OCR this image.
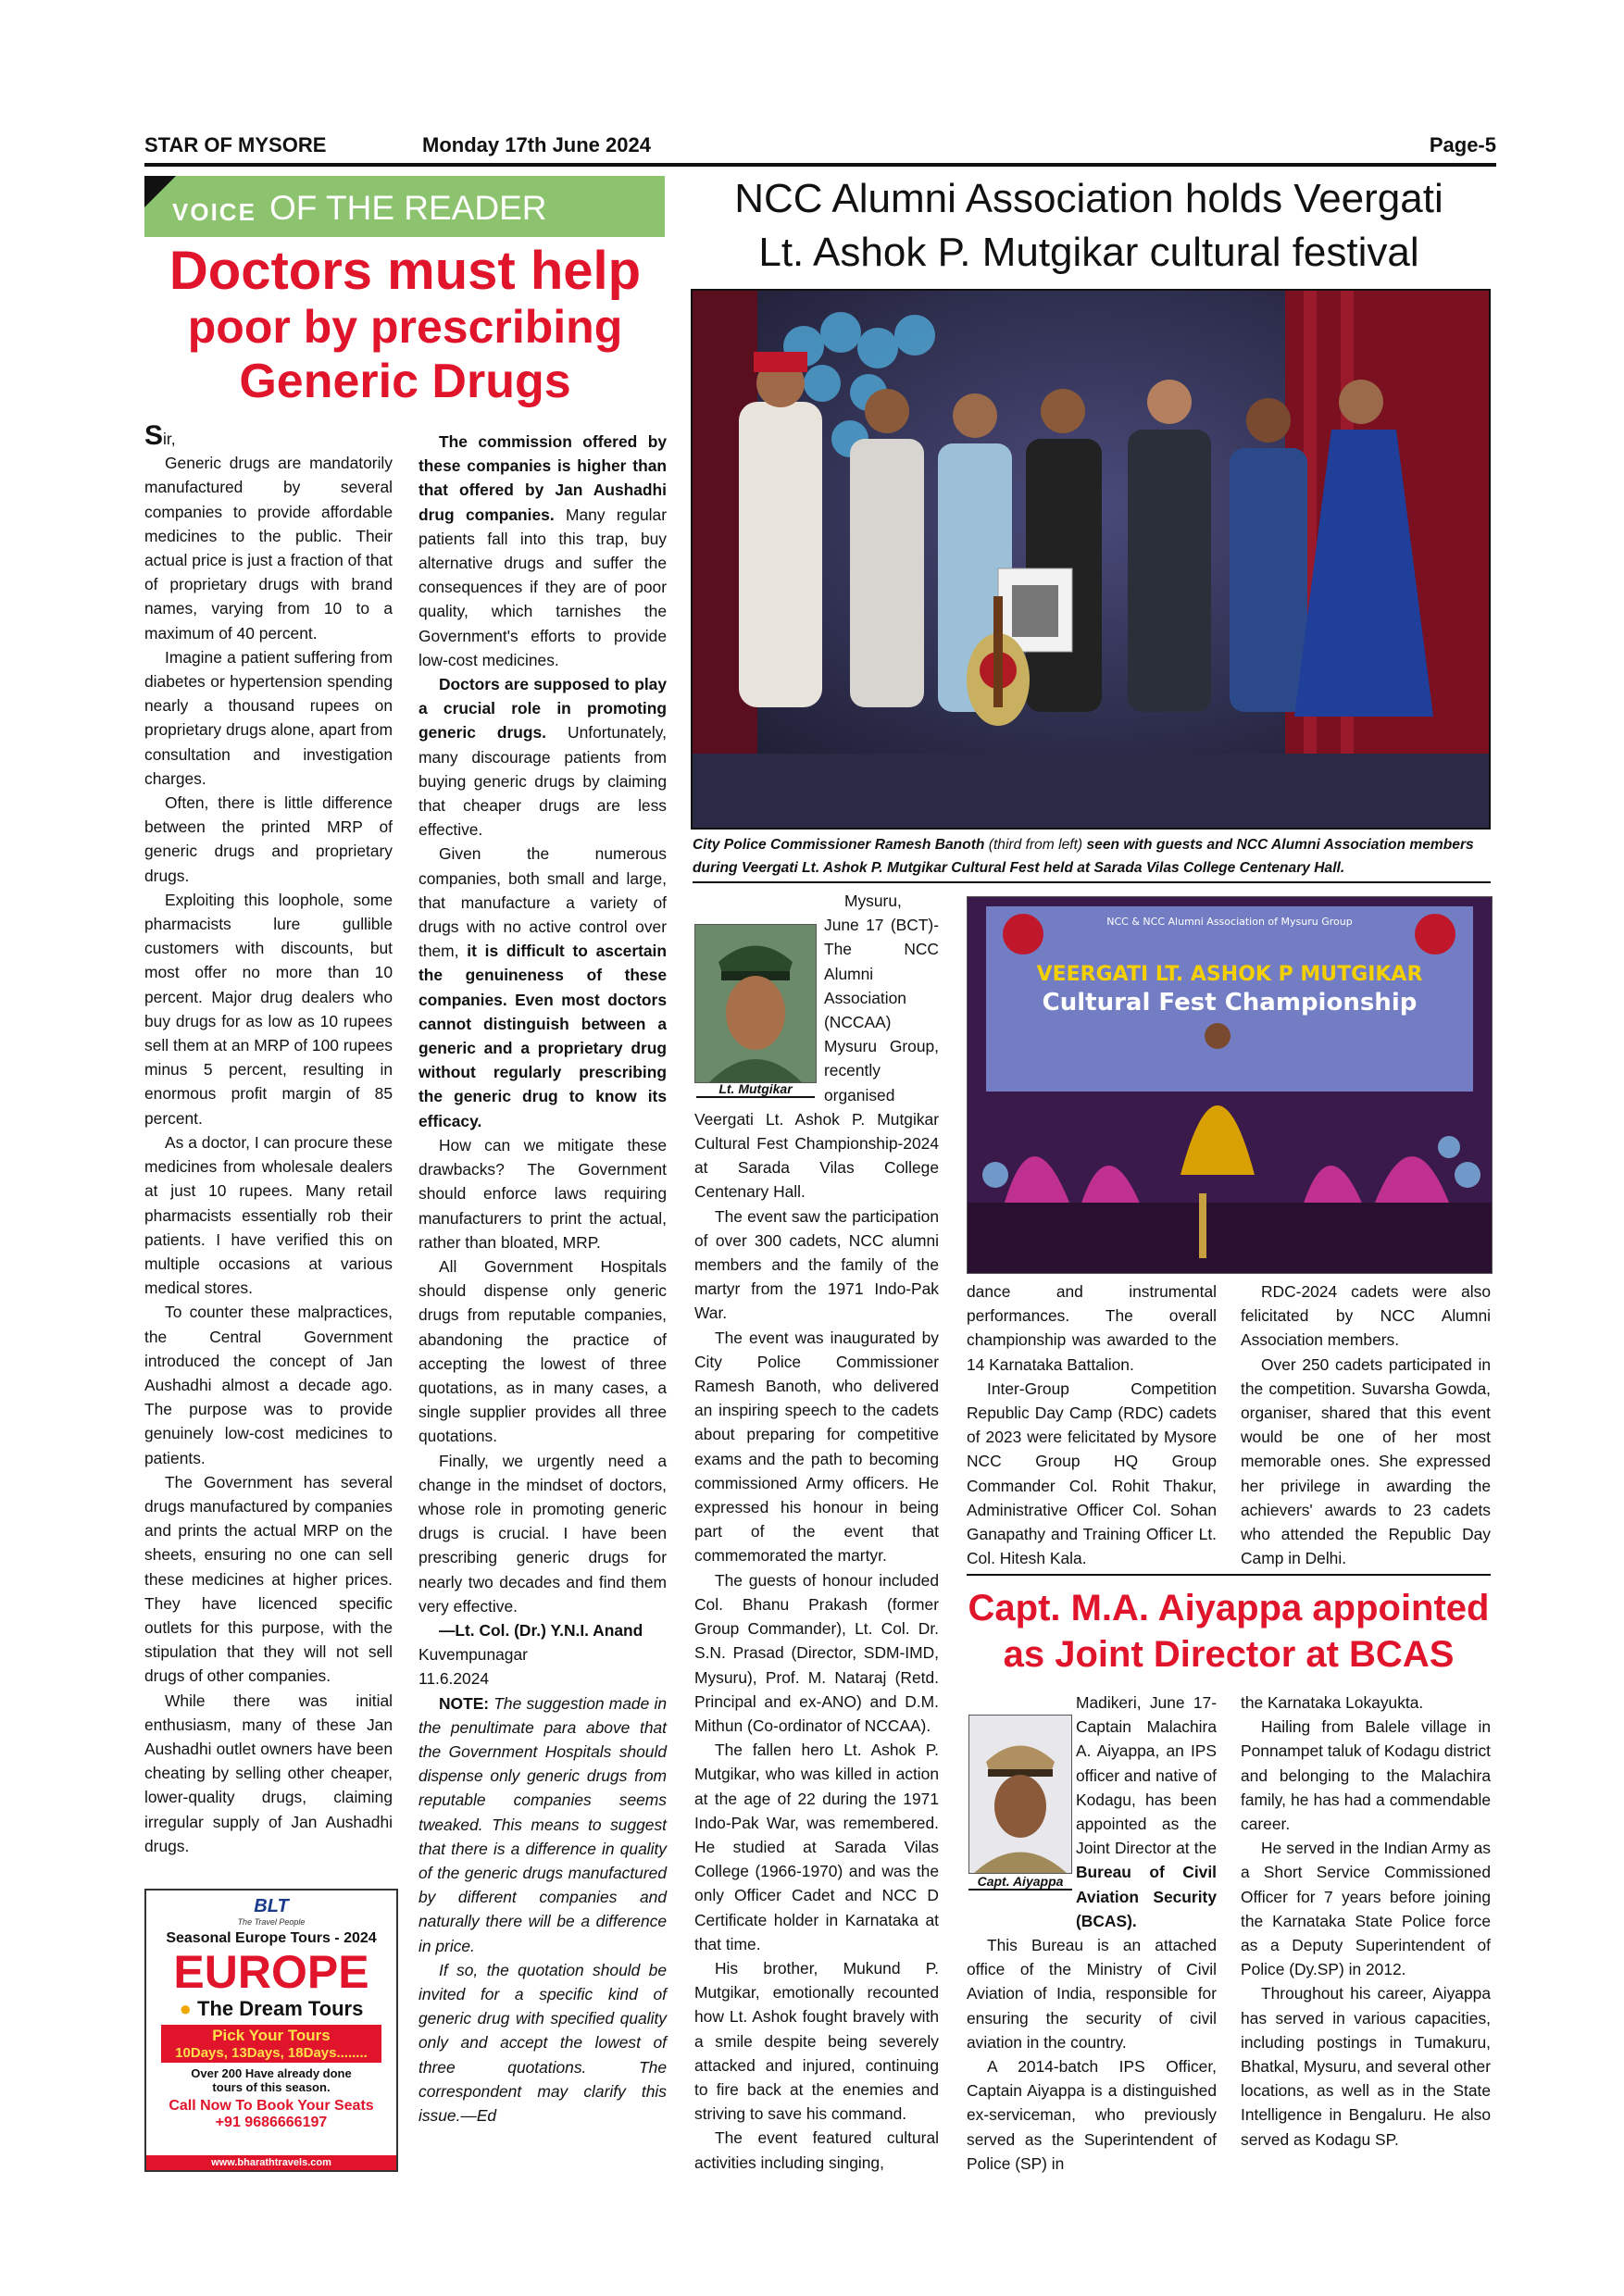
STAR OF MYSORE	Monday 17th June 2024	Page-5
VOICE OF THE READER
Doctors must help
poor by prescribing
Generic Drugs

Sir,

Generic drugs are mandatorily manufactured by several companies to provide affordable medicines to the public. Their actual price is just a fraction of that of proprietary drugs with brand names, varying from 10 to a maximum of 40 percent.

Imagine a patient suffering from diabetes or hypertension spending nearly a thousand rupees on proprietary drugs alone, apart from consultation and investigation charges.

Often, there is little difference between the printed MRP of generic drugs and proprietary drugs.

Exploiting this loophole, some pharmacists lure gullible customers with discounts, but most offer no more than 10 percent. Major drug dealers who buy drugs for as low as 10 rupees sell them at an MRP of 100 rupees minus 5 percent, resulting in enormous profit margin of 85 percent.

As a doctor, I can procure these medicines from wholesale dealers at just 10 rupees. Many retail pharmacists essentially rob their patients. I have verified this on multiple occasions at various medical stores.

To counter these malpractices, the Central Government introduced the concept of Jan Aushadhi almost a decade ago. The purpose was to provide genuinely low-cost medicines to patients.

The Government has several drugs manufactured by companies and prints the actual MRP on the sheets, ensuring no one can sell these medicines at higher prices. They have licenced specific outlets for this purpose, with the stipulation that they will not sell drugs of other companies.

While there was initial enthusiasm, many of these Jan Aushadhi outlet owners have been cheating by selling other cheaper, lower-quality drugs, claiming irregular supply of Jan Aushadhi drugs.

The commission offered by these companies is higher than that offered by Jan Aushadhi drug companies. Many regular patients fall into this trap, buy alternative drugs and suffer the consequences if they are of poor quality, which tarnishes the Government's efforts to provide low-cost medicines.

Doctors are supposed to play a crucial role in promoting generic drugs. Unfortunately, many discourage patients from buying generic drugs by claiming that cheaper drugs are less effective.

Given the numerous companies, both small and large, that manufacture a variety of drugs with no active control over them, it is difficult to ascertain the genuineness of these companies. Even most doctors cannot distinguish between a generic and a proprietary drug without regularly prescribing the generic drug to know its efficacy.

How can we mitigate these drawbacks? The Government should enforce laws requiring manufacturers to print the actual, rather than bloated, MRP.

All Government Hospitals should dispense only generic drugs from reputable companies, abandoning the practice of accepting the lowest of three quotations, as in many cases, a single supplier provides all three quotations.

Finally, we urgently need a change in the mindset of doctors, whose role in promoting generic drugs is crucial. I have been prescribing generic drugs for nearly two decades and find them very effective.

—Lt. Col. (Dr.) Y.N.I. Anand

Kuvempunagar

11.6.2024

NOTE: The suggestion made in the penultimate para above that the Government Hospitals should dispense only generic drugs from reputable companies seems tweaked. This means to suggest that there is a difference in quality of the generic drugs manufactured by different companies and naturally there will be a difference in price.

If so, the quotation should be invited for a specific kind of generic drug with specified quality only and accept the lowest of three quotations. The correspondent may clarify this issue.—Ed

BLT
The Travel People
Seasonal Europe Tours - 2024
EUROPE
● The Dream Tours
Pick Your Tours
10Days, 13Days, 18Days........
Over 200 Have already done
tours of this season.
Call Now To Book Your Seats
+91 9686666197
www.bharathtravels.com
NCC Alumni Association holds Veergati
Lt. Ashok P. Mutgikar cultural festival
City Police Commissioner Ramesh Banoth (third from left) seen with guests and NCC Alumni Association members during Veergati Lt. Ashok P. Mutgikar Cultural Fest held at Sarada Vilas College Centenary Hall.
Lt. Mutgikar

Mysuru, June 17 (BCT)- The NCC Alumni Association (NCCAA) Mysuru Group, recently organised Veergati Lt. Ashok P. Mutgikar Cultural Fest Championship-2024 at Sarada Vilas College Centenary Hall.

The event saw the participation of over 300 cadets, NCC alumni members and the family of the martyr from the 1971 Indo-Pak War.

The event was inaugurated by City Police Commissioner Ramesh Banoth, who delivered an inspiring speech to the cadets about preparing for competitive exams and the path to becoming commissioned Army officers. He expressed his honour in being part of the event that commemorated the martyr.

The guests of honour included Col. Bhanu Prakash (former Group Commander), Lt. Col. Dr. S.N. Prasad (Director, SDM-IMD, Mysuru), Prof. M. Nataraj (Retd. Principal and ex-ANO) and D.M. Mithun (Co-ordinator of NCCAA).

The fallen hero Lt. Ashok P. Mutgikar, who was killed in action at the age of 22 during the 1971 Indo-Pak War, was remembered. He studied at Sarada Vilas College (1966-1970) and was the only Officer Cadet and NCC D Certificate holder in Karnataka at that time.

His brother, Mukund P. Mutgikar, emotionally recounted how Lt. Ashok fought bravely with a smile despite being severely attacked and injured, continuing to fire back at the enemies and striving to save his command.

The event featured cultural activities including singing,

NCC & NCC Alumni Association of Mysuru Group
VEERGATI LT. ASHOK P MUTGIKAR
Cultural Fest Championship

dance and instrumental performances. The overall championship was awarded to the 14 Karnataka Battalion.

Inter-Group Competition Republic Day Camp (RDC) cadets of 2023 were felicitated by Mysore NCC Group HQ Group Commander Col. Rohit Thakur, Administrative Officer Col. Sohan Ganapathy and Training Officer Lt. Col. Hitesh Kala.

RDC-2024 cadets were also felicitated by NCC Alumni Association members.

Over 250 cadets participated in the competition. Suvarsha Gowda, organiser, shared that this event would be one of her most memorable ones. She expressed her privilege in awarding the achievers' awards to 23 cadets who attended the Republic Day Camp in Delhi.

Capt. M.A. Aiyappa appointed
as Joint Director at BCAS
Capt. Aiyappa

Madikeri, June 17- Captain Malachira A. Aiyappa, an IPS officer and native of Kodagu, has been appointed as the Joint Director at the Bureau of Civil Aviation Security (BCAS).

This Bureau is an attached office of the Ministry of Civil Aviation of India, responsible for ensuring the security of civil aviation in the country.

A 2014-batch IPS Officer, Captain Aiyappa is a distinguished ex-serviceman, who previously served as the Superintendent of Police (SP) in

the Karnataka Lokayukta.

Hailing from Balele village in Ponnampet taluk of Kodagu district and belonging to the Malachira family, he has had a commendable career.

He served in the Indian Army as a Short Service Commissioned Officer for 7 years before joining the Karnataka State Police force as a Deputy Superintendent of Police (Dy.SP) in 2012.

Throughout his career, Aiyappa has served in various capacities, including postings in Tumakuru, Bhatkal, Mysuru, and several other locations, as well as in the State Intelligence in Bengaluru. He also served as Kodagu SP.
